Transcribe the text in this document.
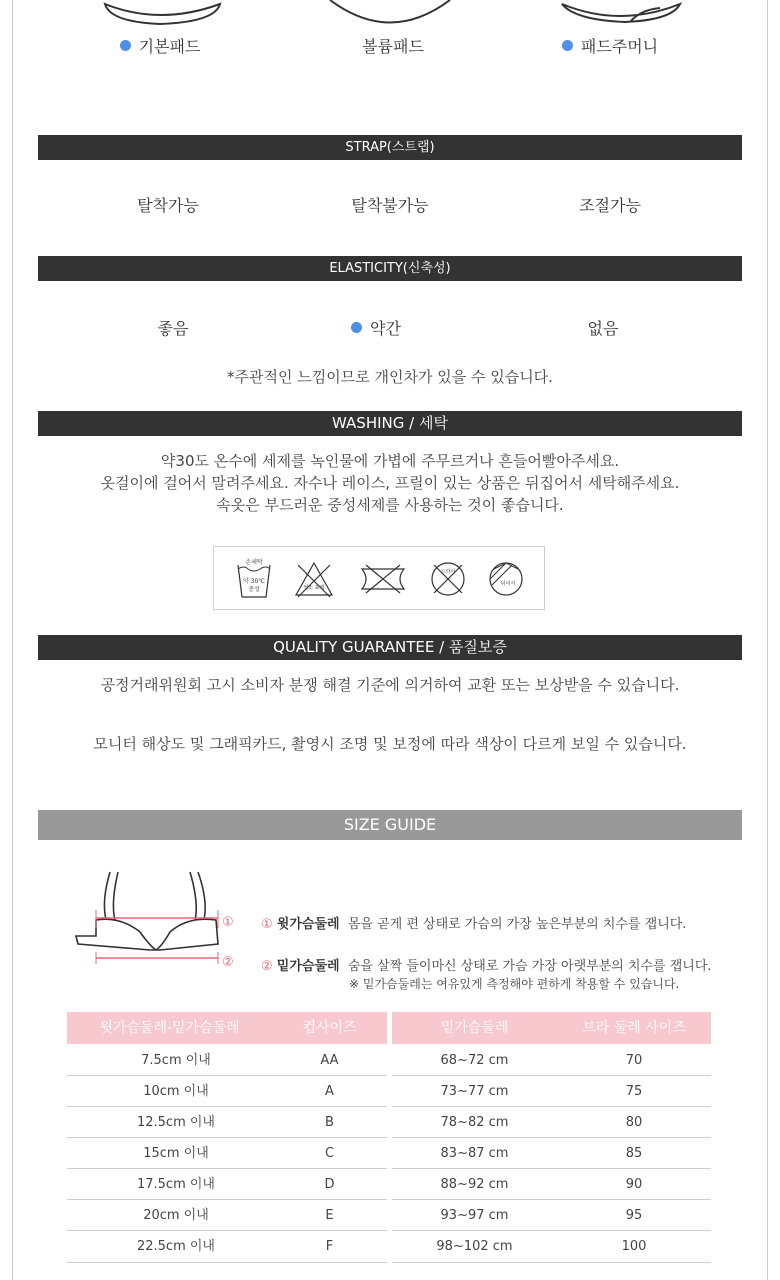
기본패드	볼륨패드	패드주머니
STRAP(스트랩)
탈착가능	탈착불가능	조절가능
ELASTICITY(신축성)
좋음	약간	없음
*주관적인 느낌이므로 개인차가 있을 수 있습니다.
WASHING / 세탁
약30도 온수에 세제를 녹인물에 가볍에 주무르거나 흔들어빨아주세요.
옷걸이에 걸어서 말려주세요. 자수나 레이스, 프릴이 있는 상품은 뒤집어서 세탁해주세요.
속옷은 부드러운 중성세제를 사용하는 것이 좋습니다.
손세탁
약 30℃
중성	염소 표백
드라이
뉘어서
QUALITY GUARANTEE / 품질보증
공정거래위원회 고시 소비자 분쟁 해결 기준에 의거하여 교환 또는 보상받을 수 있습니다.
모니터 해상도 및 그래픽카드, 촬영시 조명 및 보정에 따라 색상이 다르게 보일 수 있습니다.
SIZE GUIDE
①
②
① 윗가슴둘레 몸을 곧게 편 상태로 가슴의 가장 높은부분의 치수를 잽니다.
② 밑가슴둘레 숨을 살짝 들이마신 상태로 가슴 가장 아랫부분의 치수를 잽니다.
※ 밑가슴둘레는 여유있게 측정해야 편하게 착용할 수 있습니다.
윗가슴둘레-밑가슴둘레	컵사이즈	밑가슴둘레	브라 둘레 사이즈
7.5cm 이내	AA	68~72 cm	70
10cm 이내	A	73~77 cm	75
12.5cm 이내	B	78~82 cm	80
15cm 이내	C	83~87 cm	85
17.5cm 이내	D	88~92 cm	90
20cm 이내	E	93~97 cm	95
22.5cm 이내	F	98~102 cm	100
